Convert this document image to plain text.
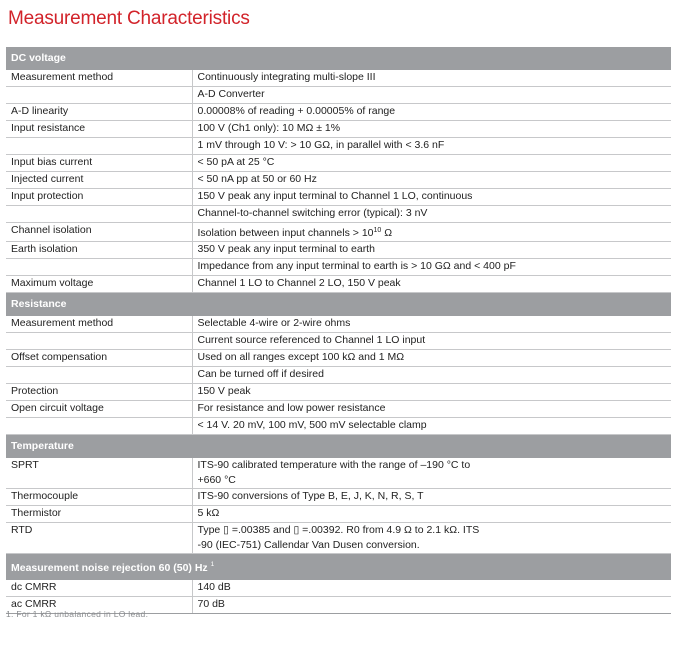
Measurement Characteristics
DC voltage	
Measurement method	Continuously integrating multi-slope III
	A-D Converter
A-D linearity	0.00008% of reading + 0.00005% of range
Input resistance	100 V (Ch1 only): 10 MΩ ± 1%
	1 mV through 10 V: > 10 GΩ, in parallel with < 3.6 nF
Input bias current	< 50 pA at 25 °C
Injected current	< 50 nA pp at 50 or 60 Hz
Input protection	150 V peak any input terminal to Channel 1 LO, continuous
	Channel-to-channel switching error (typical): 3 nV
Channel isolation	Isolation between input channels > $10^{10}$ Ω
Earth isolation	350 V peak any input terminal to earth
	Impedance from any input terminal to earth is > 10 GΩ and < 400 pF
Maximum voltage	Channel 1 LO to Channel 2 LO, 150 V peak
Resistance	
Measurement method	Selectable 4-wire or 2-wire ohms
	Current source referenced to Channel 1 LO input
Offset compensation	Used on all ranges except 100 kΩ and 1 MΩ
	Can be turned off if desired
Protection	150 V peak
Open circuit voltage	For resistance and low power resistance
	< 14 V. 20 mV, 100 mV, 500 mV selectable clamp
Temperature	
SPRT	ITS-90 calibrated temperature with the range of –190 °C to
+660 °C

Thermocouple	ITS-90 conversions of Type B, E, J, K, N, R, S, T
Thermistor	5 kΩ
RTD	Type ▯ =.00385 and ▯ =.00392. R0 from 4.9 Ω to 2.1 kΩ. ITS
-90 (IEC-751) Callendar Van Dusen conversion.

Measurement noise rejection 60 (50) Hz $^1$
dc CMRR	140 dB
ac CMRR	70 dB

1. For 1 kΩ unbalanced in LO lead.
